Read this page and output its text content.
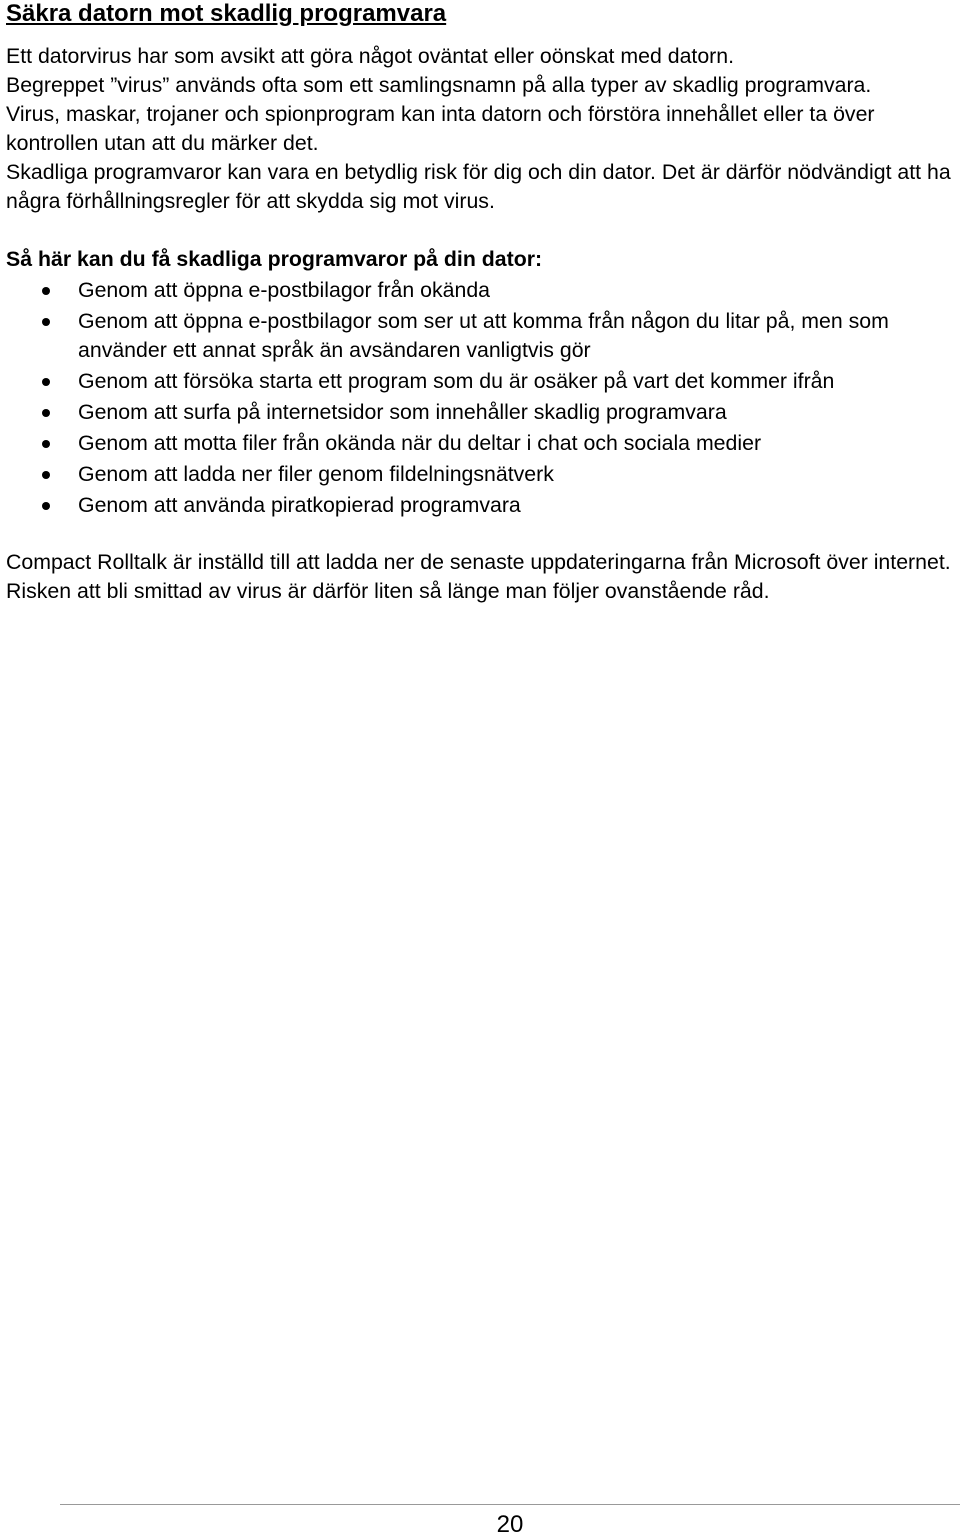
Säkra datorn mot skadlig programvara

Ett datorvirus har som avsikt att göra något oväntat eller oönskat med datorn.

Begreppet ”virus” används ofta som ett samlingsnamn på alla typer av skadlig programvara.

Virus, maskar, trojaner och spionprogram kan inta datorn och förstöra innehållet eller ta över kontrollen utan att du märker det.

Skadliga programvaror kan vara en betydlig risk för dig och din dator. Det är därför nödvändigt att ha några förhållningsregler för att skydda sig mot virus.

Så här kan du få skadliga programvaror på din dator:
Genom att öppna e-postbilagor från okända
Genom att öppna e-postbilagor som ser ut att komma från någon du litar på, men som använder ett annat språk än avsändaren vanligtvis gör
Genom att försöka starta ett program som du är osäker på vart det kommer ifrån
Genom att surfa på internetsidor som innehåller skadlig programvara
Genom att motta filer från okända när du deltar i chat och sociala medier
Genom att ladda ner filer genom fildelningsnätverk
Genom att använda piratkopierad programvara

Compact Rolltalk är inställd till att ladda ner de senaste uppdateringarna från Microsoft över internet.

Risken att bli smittad av virus är därför liten så länge man följer ovanstående råd.

20
